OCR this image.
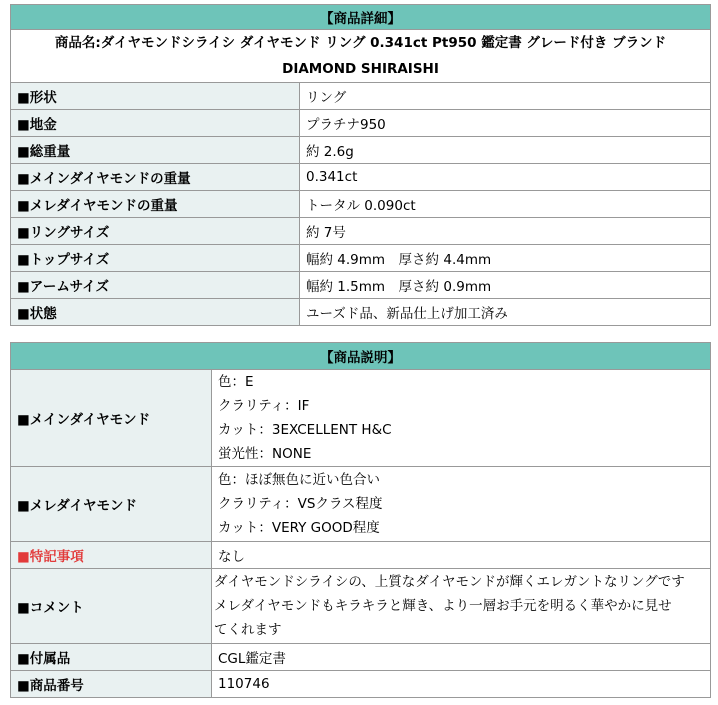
【商品詳細】	
商品名:ダイヤモンドシライシ ダイヤモンド リング 0.341ct Pt950 鑑定書 グレード付き ブランド
DIAMOND SHIRAISHI	
■形状	リング
■地金	プラチナ950
■総重量	約 2.6g
■メインダイヤモンドの重量	0.341ct
■メレダイヤモンドの重量	トータル 0.090ct
■リングサイズ	約 7号
■トップサイズ	幅約 4.9mm　厚さ約 4.4mm
■アームサイズ	幅約 1.5mm　厚さ約 0.9mm
■状態	ユーズド品、新品仕上げ加工済み
【商品説明】	
■メインダイヤモンド	色：E
クラリティ：IF
カット：3EXCELLENT H&C
蛍光性：NONE

■メレダイヤモンド	色：ほぼ無色に近い色合い
クラリティ：VSクラス程度
カット：VERY GOOD程度

■特記事項	なし
■コメント	ダイヤモンドシライシの、上質なダイヤモンドが輝くエレガントなリングです
メレダイヤモンドもキラキラと輝き、より一層お手元を明るく華やかに見せ
てくれます

■付属品	CGL鑑定書
■商品番号	110746
